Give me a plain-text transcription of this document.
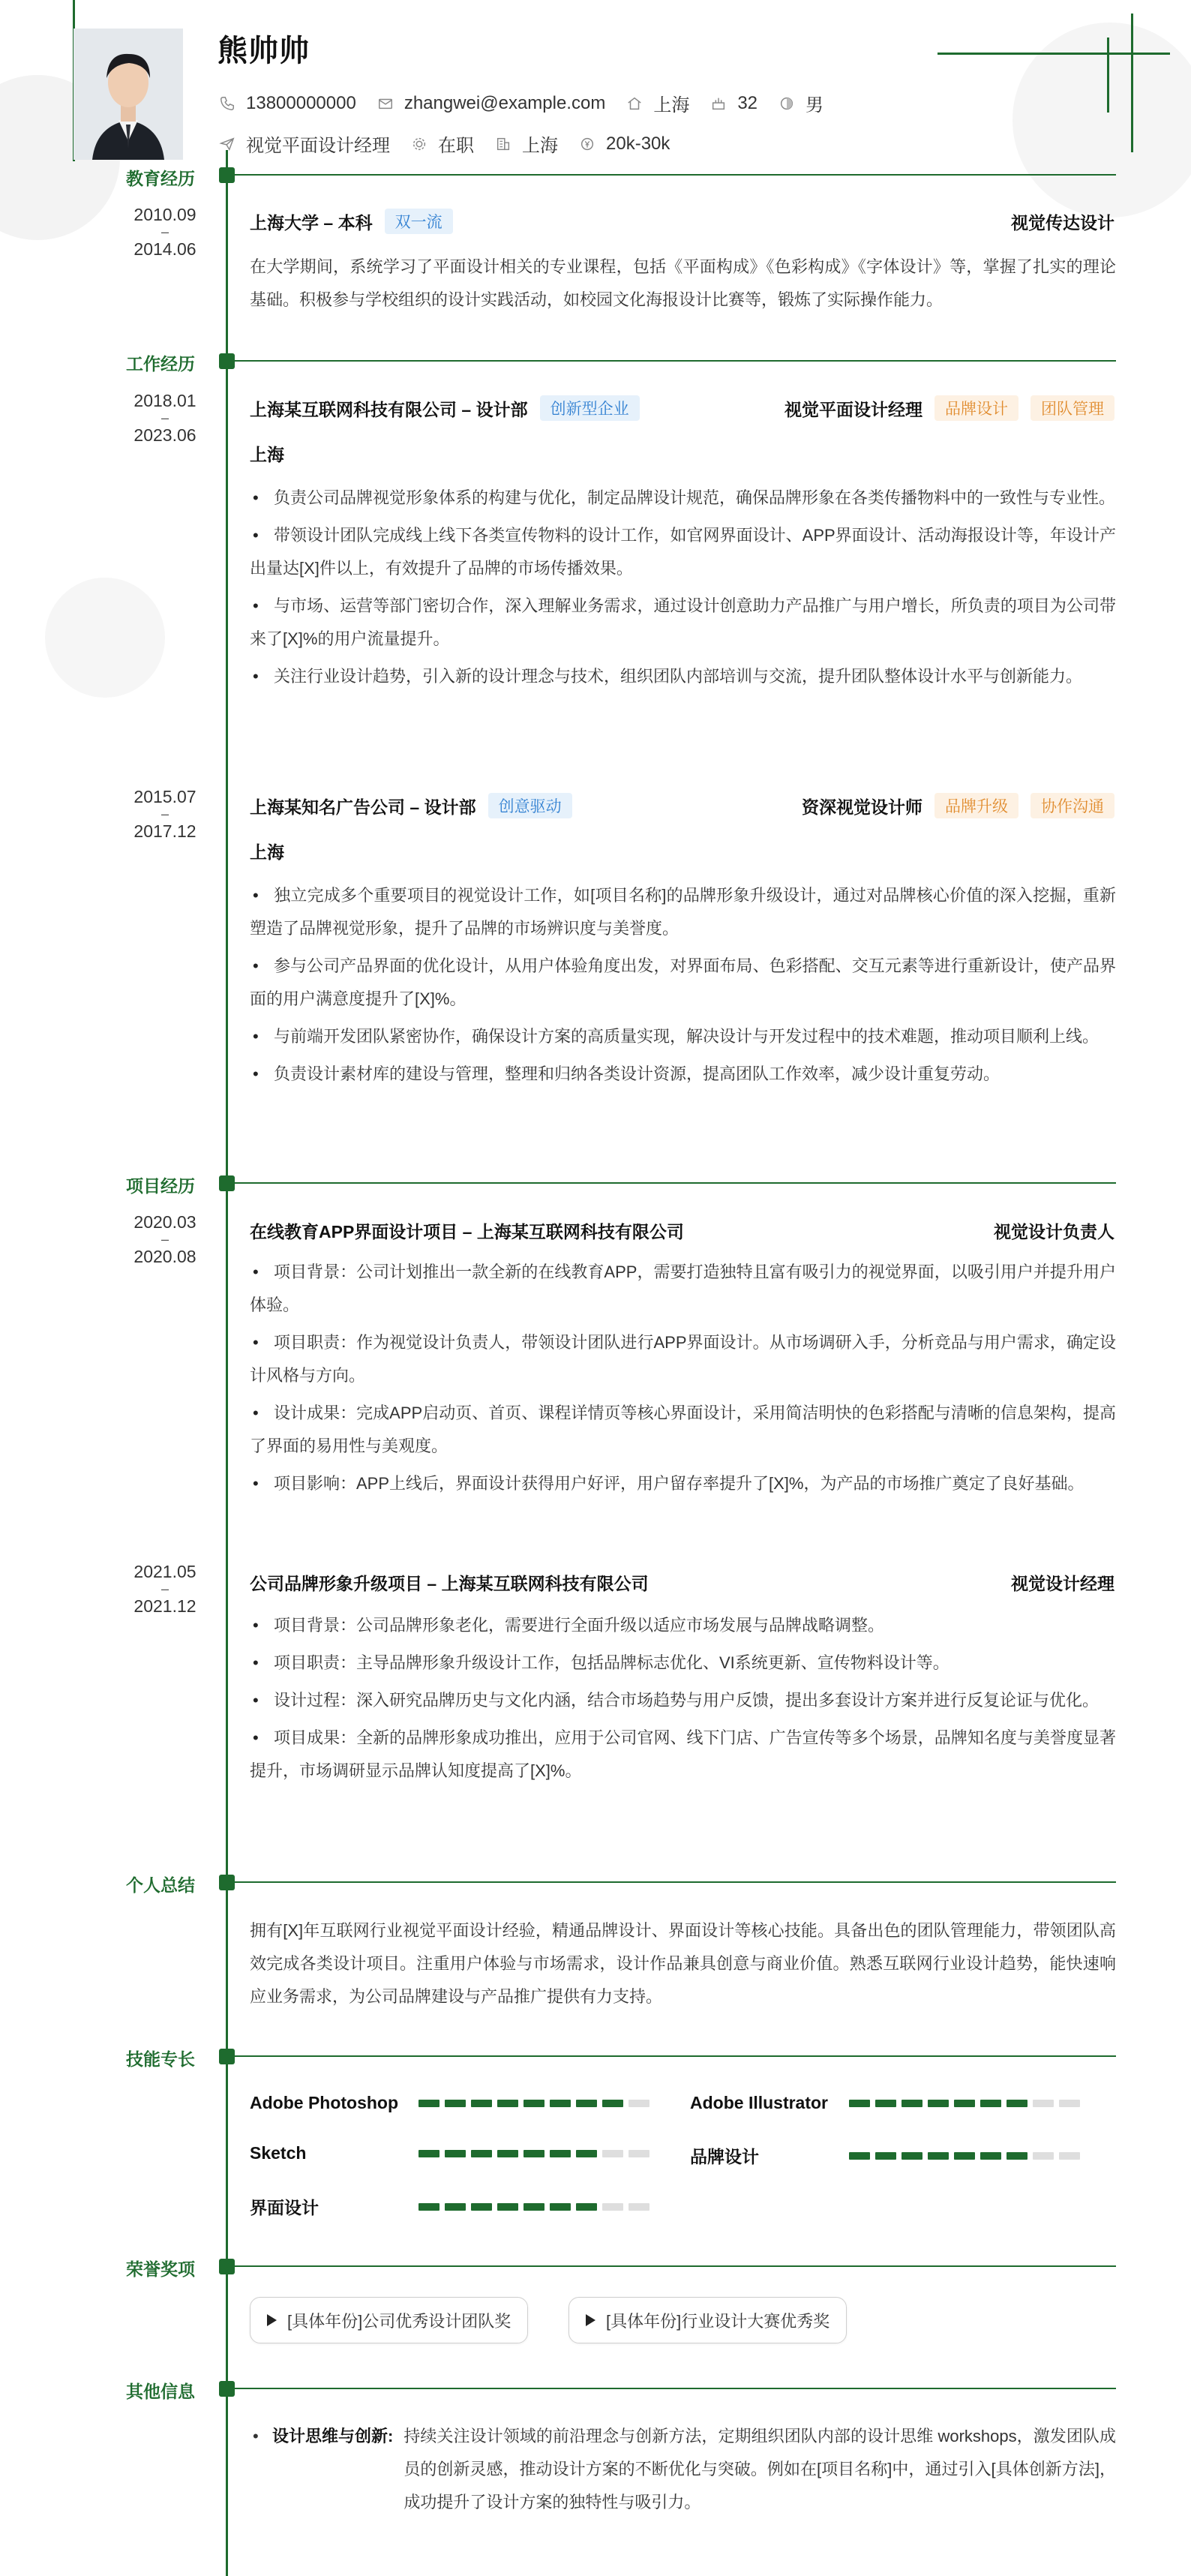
熊帅帅
13800000000	zhangwei@example.com	上海	32	男
视觉平面设计经理	在职	上海	20k-30k
教育经历
2010.09
–
2014.06
上海大学 – 本科	双一流	视觉传达设计
在大学期间，系统学习了平面设计相关的专业课程，包括《平面构成》《色彩构成》《字体设计》等，掌握了扎实的理论基础。积极参与学校组织的设计实践活动，如校园文化海报设计比赛等，锻炼了实际操作能力。
工作经历
2018.01
–
2023.06
上海某互联网科技有限公司 – 设计部	创新型企业	视觉平面设计经理	品牌设计	团队管理
上海
• 负责公司品牌视觉形象体系的构建与优化，制定品牌设计规范，确保品牌形象在各类传播物料中的一致性与专业性。
• 带领设计团队完成线上线下各类宣传物料的设计工作，如官网界面设计、APP界面设计、活动海报设计等，年设计产出量达[X]件以上，有效提升了品牌的市场传播效果。
• 与市场、运营等部门密切合作，深入理解业务需求，通过设计创意助力产品推广与用户增长，所负责的项目为公司带来了[X]%的用户流量提升。
• 关注行业设计趋势，引入新的设计理念与技术，组织团队内部培训与交流，提升团队整体设计水平与创新能力。
2015.07
–
2017.12
上海某知名广告公司 – 设计部	创意驱动	资深视觉设计师	品牌升级	协作沟通
上海
• 独立完成多个重要项目的视觉设计工作，如[项目名称]的品牌形象升级设计，通过对品牌核心价值的深入挖掘，重新塑造了品牌视觉形象，提升了品牌的市场辨识度与美誉度。
• 参与公司产品界面的优化设计，从用户体验角度出发，对界面布局、色彩搭配、交互元素等进行重新设计，使产品界面的用户满意度提升了[X]%。
• 与前端开发团队紧密协作，确保设计方案的高质量实现，解决设计与开发过程中的技术难题，推动项目顺利上线。
• 负责设计素材库的建设与管理，整理和归纳各类设计资源，提高团队工作效率，减少设计重复劳动。
项目经历
2020.03
–
2020.08
在线教育APP界面设计项目 – 上海某互联网科技有限公司	视觉设计负责人
• 项目背景：公司计划推出一款全新的在线教育APP，需要打造独特且富有吸引力的视觉界面，以吸引用户并提升用户体验。
• 项目职责：作为视觉设计负责人，带领设计团队进行APP界面设计。从市场调研入手，分析竞品与用户需求，确定设计风格与方向。
• 设计成果：完成APP启动页、首页、课程详情页等核心界面设计，采用简洁明快的色彩搭配与清晰的信息架构，提高了界面的易用性与美观度。
• 项目影响：APP上线后，界面设计获得用户好评，用户留存率提升了[X]%，为产品的市场推广奠定了良好基础。
2021.05
–
2021.12
公司品牌形象升级项目 – 上海某互联网科技有限公司	视觉设计经理
• 项目背景：公司品牌形象老化，需要进行全面升级以适应市场发展与品牌战略调整。
• 项目职责：主导品牌形象升级设计工作，包括品牌标志优化、VI系统更新、宣传物料设计等。
• 设计过程：深入研究品牌历史与文化内涵，结合市场趋势与用户反馈，提出多套设计方案并进行反复论证与优化。
• 项目成果：全新的品牌形象成功推出，应用于公司官网、线下门店、广告宣传等多个场景，品牌知名度与美誉度显著提升，市场调研显示品牌认知度提高了[X]%。
个人总结
拥有[X]年互联网行业视觉平面设计经验，精通品牌设计、界面设计等核心技能。具备出色的团队管理能力，带领团队高效完成各类设计项目。注重用户体验与市场需求，设计作品兼具创意与商业价值。熟悉互联网行业设计趋势，能快速响应业务需求，为公司品牌建设与产品推广提供有力支持。
技能专长
Adobe Photoshop	Adobe Illustrator
Sketch	品牌设计
界面设计
荣誉奖项
[具体年份]公司优秀设计团队奖	[具体年份]行业设计大赛优秀奖
其他信息
• 设计思维与创新: 持续关注设计领域的前沿理念与创新方法，定期组织团队内部的设计思维 workshops，激发团队成员的创新灵感，推动设计方案的不断优化与突破。例如在[项目名称]中，通过引入[具体创新方法]，成功提升了设计方案的独特性与吸引力。
